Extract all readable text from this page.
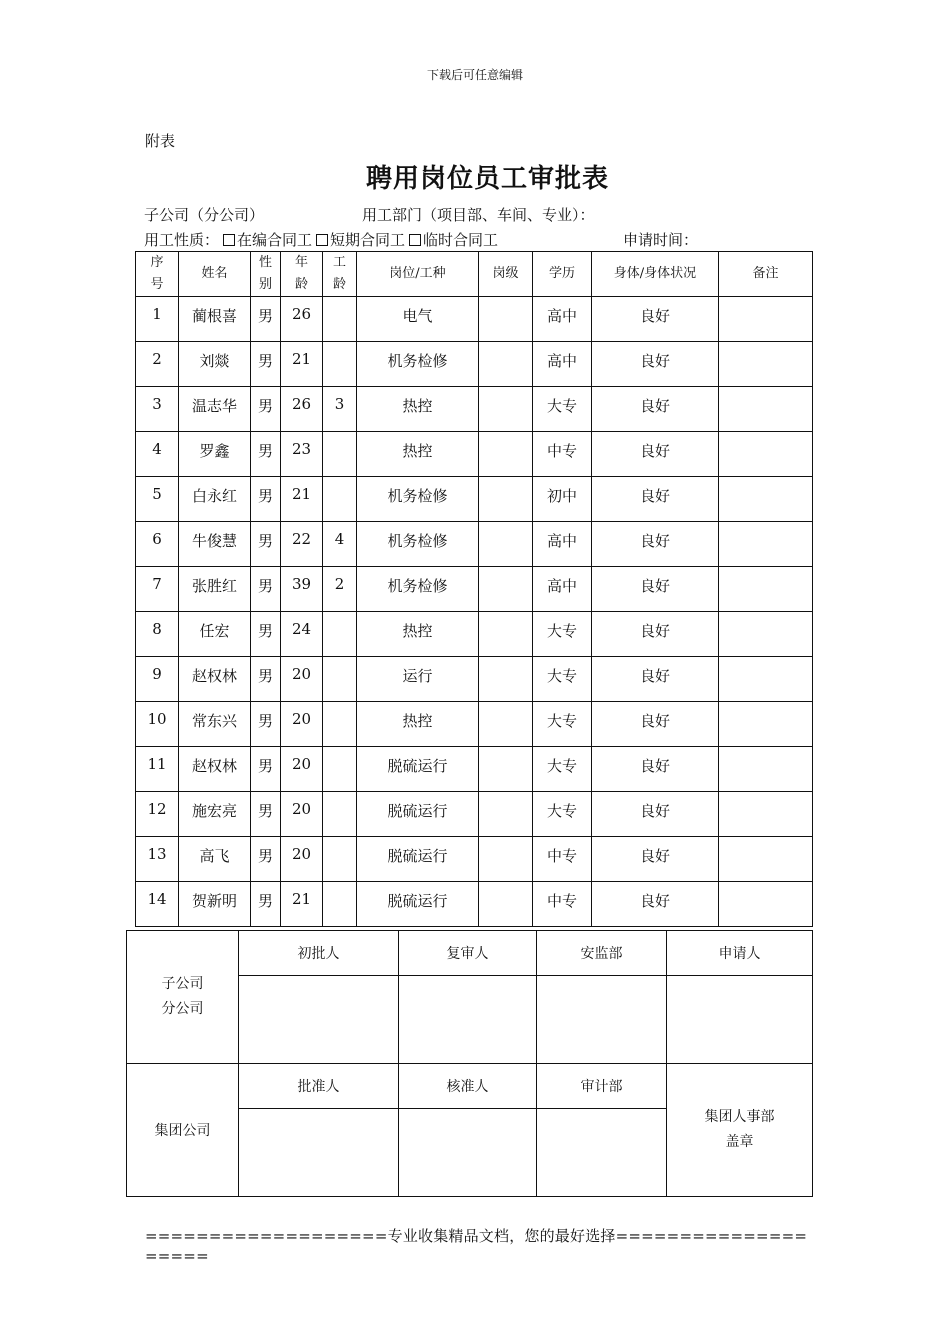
下载后可任意编辑
附表
聘用岗位员工审批表
子公司（分公司）	用工部门（项目部、车间、专业）：
用工性质： 在编合同工 短期合同工 临时合同工	申请时间：
序
号	姓名	性
别	年
龄	工
龄	岗位/工种	岗级	学历	身体/身体状况	备注
1	蔺根喜	男	26		电气		高中	良好	
2	刘燚	男	21		机务检修		高中	良好	
3	温志华	男	26	3	热控		大专	良好	
4	罗鑫	男	23		热控		中专	良好	
5	白永红	男	21		机务检修		初中	良好	
6	牛俊慧	男	22	4	机务检修		高中	良好	
7	张胜红	男	39	2	机务检修		高中	良好	
8	任宏	男	24		热控		大专	良好	
9	赵权林	男	20		运行		大专	良好	
10	常东兴	男	20		热控		大专	良好	
11	赵权林	男	20		脱硫运行		大专	良好	
12	施宏亮	男	20		脱硫运行		大专	良好	
13	高飞	男	20		脱硫运行		中专	良好	
14	贺新明	男	21		脱硫运行		中专	良好	
子公司
分公司	初批人	复审人	安监部	申请人

集团公司	批准人	核准人	审计部	集团人事部
盖章

===================专业收集精品文档，您的最好选择====================
